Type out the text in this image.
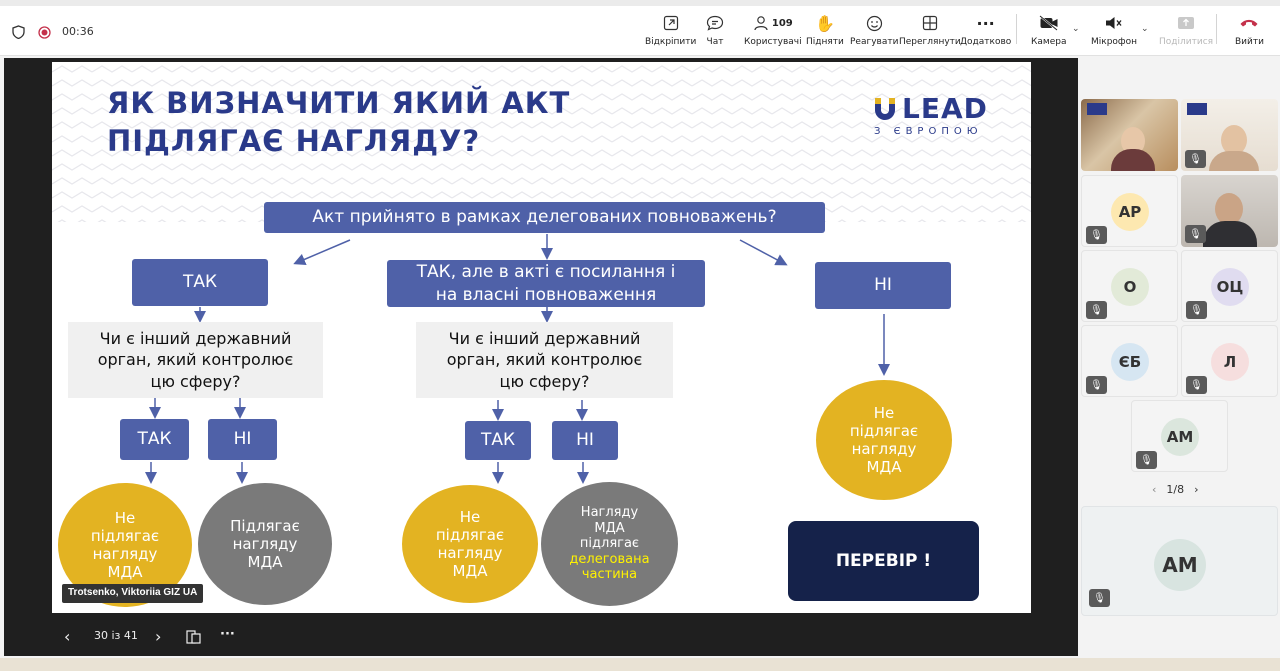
00:36
Відкріпити Чат
109
Користувачі
✋
Підняти Реагувати Переглянути
···
Додатково Камера
⌄
Мікрофон
⌄
Поділитися Вийти
ЯК ВИЗНАЧИТИ ЯКИЙ АКТ
ПІДЛЯГАЄ НАГЛЯДУ?
LEAD
З ЄВРОПОЮ
Акт прийнято в рамках делегованих повноважень?
ТАК
ТАК, але в акті є посилання і
на власні повноваження	НІ
Чи є інший державний
орган, який контролює
цю сферу?
Чи є інший державний
орган, який контролює
цю сферу?
ТАК	НІ	ТАК	НІ
Не
підлягає
нагляду
МДА
Підлягає
нагляду
МДА
Не
підлягає
нагляду
МДА
Нагляду
МДА
підлягає
делегована
частина
Не
підлягає
нагляду
МДА
ПЕРЕВІР !
Trotsenko, Viktoriia GIZ UA
‹ 30 із 41 ›	···
🎙
АР
🎙	🎙
О
🎙
ОЦ
🎙
ЄБ
🎙
Л
🎙
АМ
🎙
‹ 1/8 ›
АМ
🎙
